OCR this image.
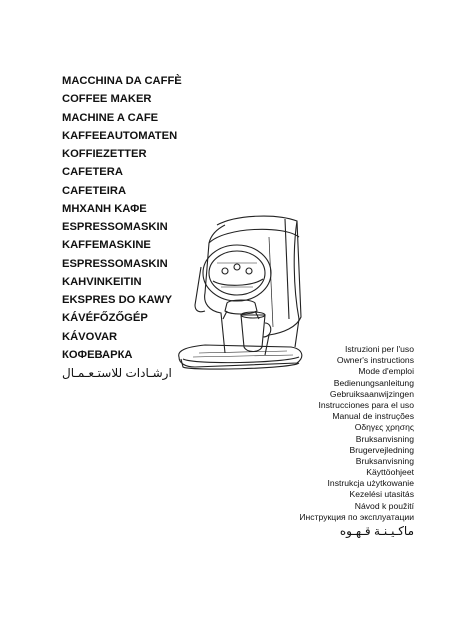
MACCHINA DA CAFFÈ
COFFEE MAKER
MACHINE A CAFE
KAFFEEAUTOMATEN
KOFFIEZETTER
CAFETERA
CAFETEIRA
ΜΗΧΑΝΗ ΚΑΦΕ
ESPRESSOMASKIN
KAFFEMASKINE
ESPRESSOMASKIN
KAHVINKEITIN
EKSPRES DO KAWY
KÁVÉFŐZŐGÉP
KÁVOVAR
КОФЕВАРКА
ارشـادات للاستـعـمـال
Istruzioni per l'uso
Owner's instructions
Mode d'emploi
Bedienungsanleitung
Gebruiksaanwijzingen
Instrucciones para el uso
Manual de instruções
Οδηγες χρησης
Bruksanvisning
Brugervejledning
Bruksanvisning
Käyttöohjeet
Instrukcja użytkowanie
Kezelési utasitás
Návod k použití
Инструкция по эксплуатации
ماكـيـنـة قـهـوه
